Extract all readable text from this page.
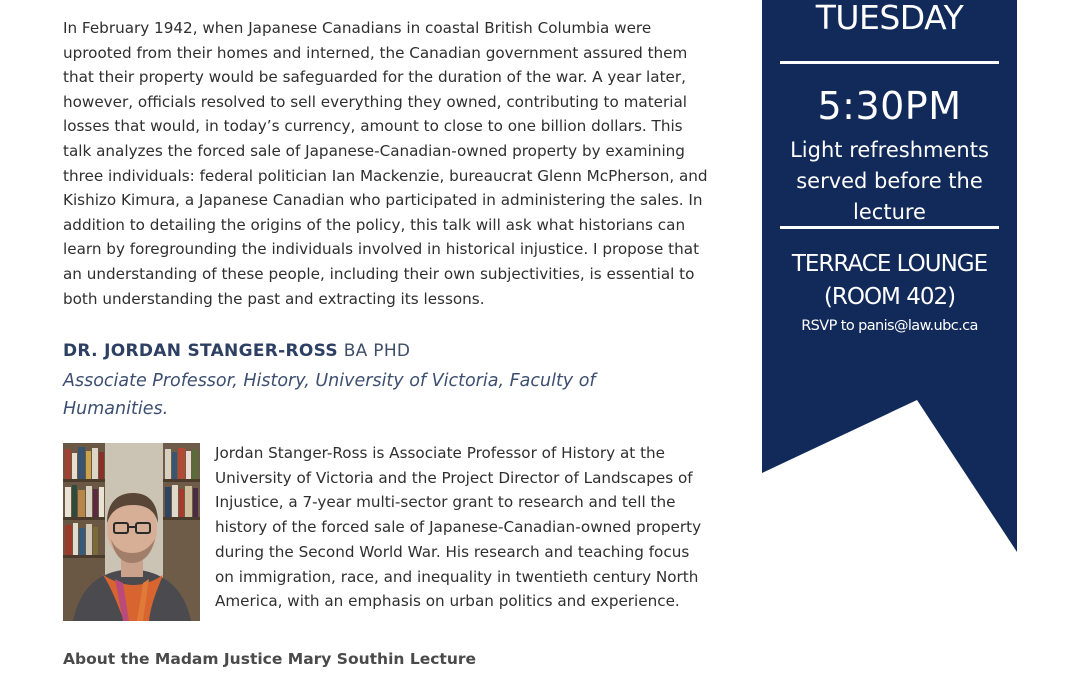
In February 1942, when Japanese Canadians in coastal British Columbia were uprooted from their homes and interned, the Canadian government assured them that their property would be safeguarded for the duration of the war. A year later, however, officials resolved to sell everything they owned, contributing to material losses that would, in today’s currency, amount to close to one billion dollars. This talk analyzes the forced sale of Japanese-Canadian-owned property by examining three individuals: federal politician Ian Mackenzie, bureaucrat Glenn McPherson, and Kishizo Kimura, a Japanese Canadian who participated in administering the sales. In addition to detailing the origins of the policy, this talk will ask what historians can learn by foregrounding the individuals involved in historical injustice. I propose that an understanding of these people, including their own subjectivities, is essential to both understanding the past and extracting its lessons.

DR. JORDAN STANGER-ROSS BA PHD

Associate Professor, History, University of Victoria, Faculty of Humanities.

Jordan Stanger-Ross is Associate Professor of History at the University of Victoria and the Project Director of Landscapes of Injustice, a 7-year multi-sector grant to research and tell the history of the forced sale of Japanese-Canadian-owned property during the Second World War. His research and teaching focus on immigration, race, and inequality in twentieth century North America, with an emphasis on urban politics and experience.

About the Madam Justice Mary Southin Lecture

TUESDAY

5:30PM

Light refreshments served before the lecture

TERRACE LOUNGE
(ROOM 402)

RSVP to panis@law.ubc.ca
